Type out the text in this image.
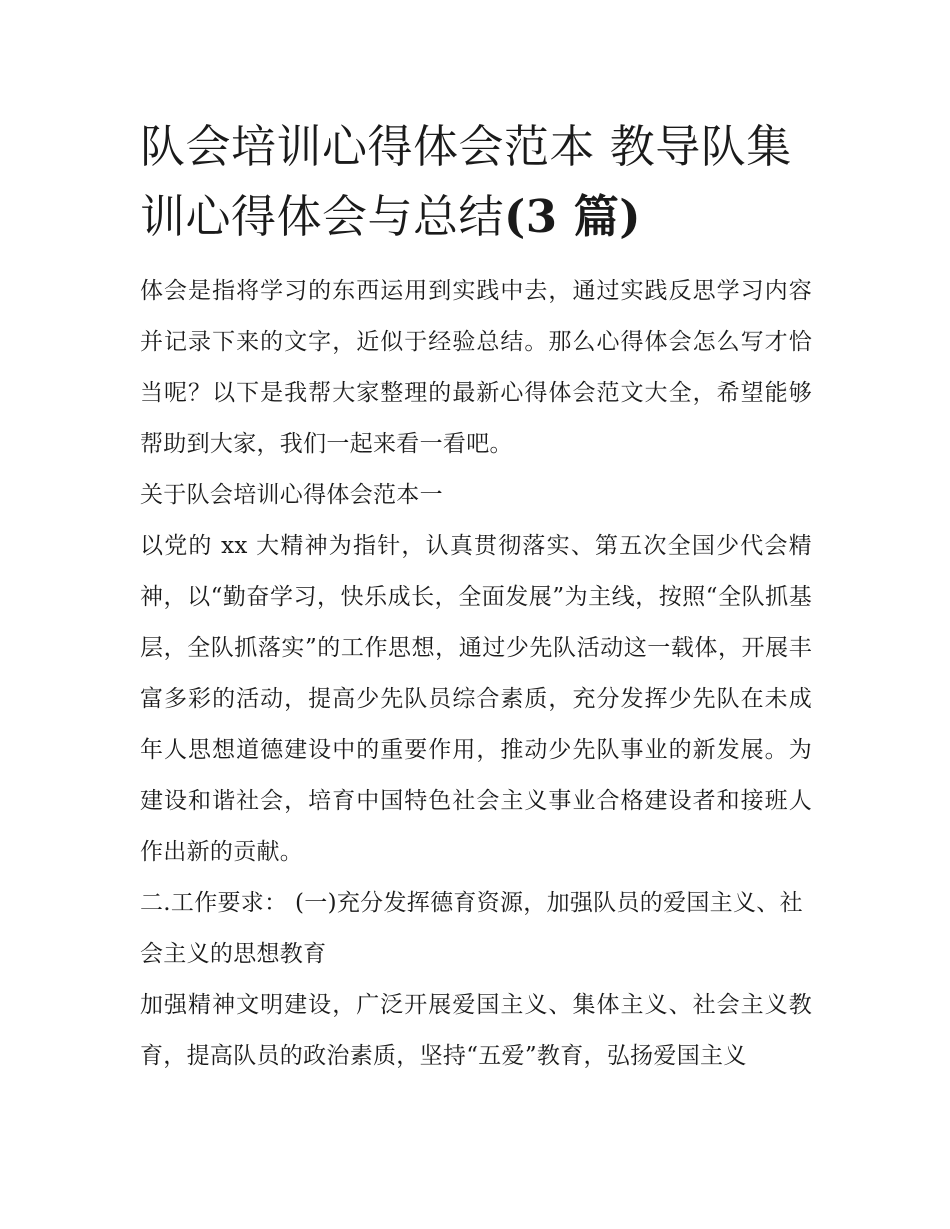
队会培训心得体会范本 教导队集训心得体会与总结(3 篇)

体会是指将学习的东西运用到实践中去，通过实践反思学习内容并记录下来的文字，近似于经验总结。那么心得体会怎么写才恰当呢？以下是我帮大家整理的最新心得体会范文大全，希望能够帮助到大家，我们一起来看一看吧。

关于队会培训心得体会范本一

以党的 xx 大精神为指针，认真贯彻落实、第五次全国少代会精神，以“勤奋学习，快乐成长，全面发展”为主线，按照“全队抓基层，全队抓落实”的工作思想，通过少先队活动这一载体，开展丰富多彩的活动，提高少先队员综合素质，充分发挥少先队在未成年人思想道德建设中的重要作用，推动少先队事业的新发展。为建设和谐社会，培育中国特色社会主义事业合格建设者和接班人作出新的贡献。

二.工作要求： (一)充分发挥德育资源，加强队员的爱国主义、社会主义的思想教育

加强精神文明建设，广泛开展爱国主义、集体主义、社会主义教育，提高队员的政治素质，坚持“五爱”教育，弘扬爱国主义
